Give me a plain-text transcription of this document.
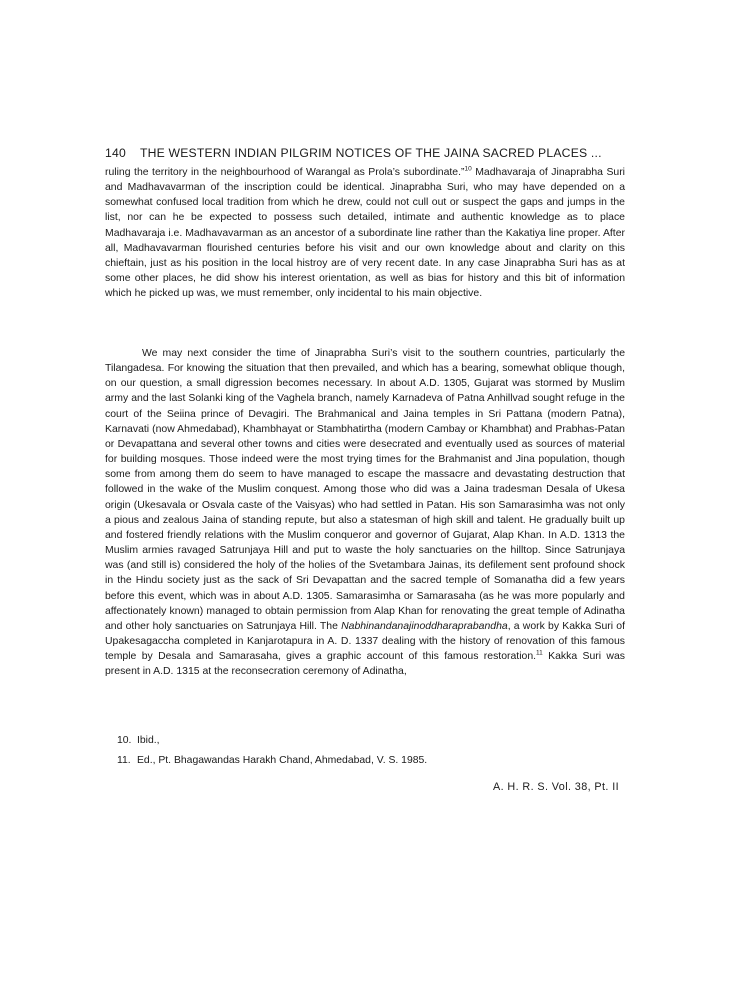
140 THE WESTERN INDIAN PILGRIM NOTICES OF THE JAINA SACRED PLACES ...

ruling the territory in the neighbourhood of Warangal as Prola’s subordinate.”$^{10}$ Madhavaraja of Jinaprabha Suri and Madhavavarman of the inscription could be identical. Jinaprabha Suri, who may have depended on a somewhat confused local tradition from which he drew, could not cull out or suspect the gaps and jumps in the list, nor can he be expected to possess such detailed, intimate and authentic knowledge as to place Madhavaraja i.e. Madhavavarman as an ancestor of a subordinate line rather than the Kakatiya line proper. After all, Madhavavarman flourished centuries before his visit and our own knowledge about and clarity on this chieftain, just as his position in the local histroy are of very recent date. In any case Jinaprabha Suri has as at some other places, he did show his interest orientation, as well as bias for history and this bit of information which he picked up was, we must remember, only incidental to his main objective.

We may next consider the time of Jinaprabha Suri’s visit to the southern countries, particularly the Tilangadesa. For knowing the situation that then prevailed, and which has a bearing, somewhat oblique though, on our question, a small digression becomes necessary. In about A.D. 1305, Gujarat was stormed by Muslim army and the last Solanki king of the Vaghela branch, namely Karnadeva of Patna Anhillvad sought refuge in the court of the Seiina prince of Devagiri. The Brahmanical and Jaina temples in Sri Pattana (modern Patna), Karnavati (now Ahmedabad), Khambhayat or Stambhatirtha (modern Cambay or Khambhat) and Prabhas-Patan or Devapattana and several other towns and cities were desecrated and eventually used as sources of material for building mosques. Those indeed were the most trying times for the Brahmanist and Jina population, though some from among them do seem to have managed to escape the massacre and devastating destruction that followed in the wake of the Muslim conquest. Among those who did was a Jaina tradesman Desala of Ukesa origin (Ukesavala or Osvala caste of the Vaisyas) who had settled in Patan. His son Samarasimha was not only a pious and zealous Jaina of standing repute, but also a statesman of high skill and talent. He gradually built up and fostered friendly relations with the Muslim conqueror and governor of Gujarat, Alap Khan. In A.D. 1313 the Muslim armies ravaged Satrunjaya Hill and put to waste the holy sanctuaries on the hilltop. Since Satrunjaya was (and still is) considered the holy of the holies of the Svetambara Jainas, its defilement sent profound shock in the Hindu society just as the sack of Sri Devapattan and the sacred temple of Somanatha did a few years before this event, which was in about A.D. 1305. Samarasimha or Samarasaha (as he was more popularly and affectionately known) managed to obtain permission from Alap Khan for renovating the great temple of Adinatha and other holy sanctuaries on Satrunjaya Hill. The Nabhinandanajinoddharaprabandha, a work by Kakka Suri of Upakesagaccha completed in Kanjarotapura in A. D. 1337 dealing with the history of renovation of this famous temple by Desala and Samarasaha, gives a graphic account of this famous restoration.$^{11}$ Kakka Suri was present in A.D. 1315 at the reconsecration ceremony of Adinatha,

10. Ibid.,

11. Ed., Pt. Bhagawandas Harakh Chand, Ahmedabad, V. S. 1985.

A. H. R. S. Vol. 38, Pt. II
